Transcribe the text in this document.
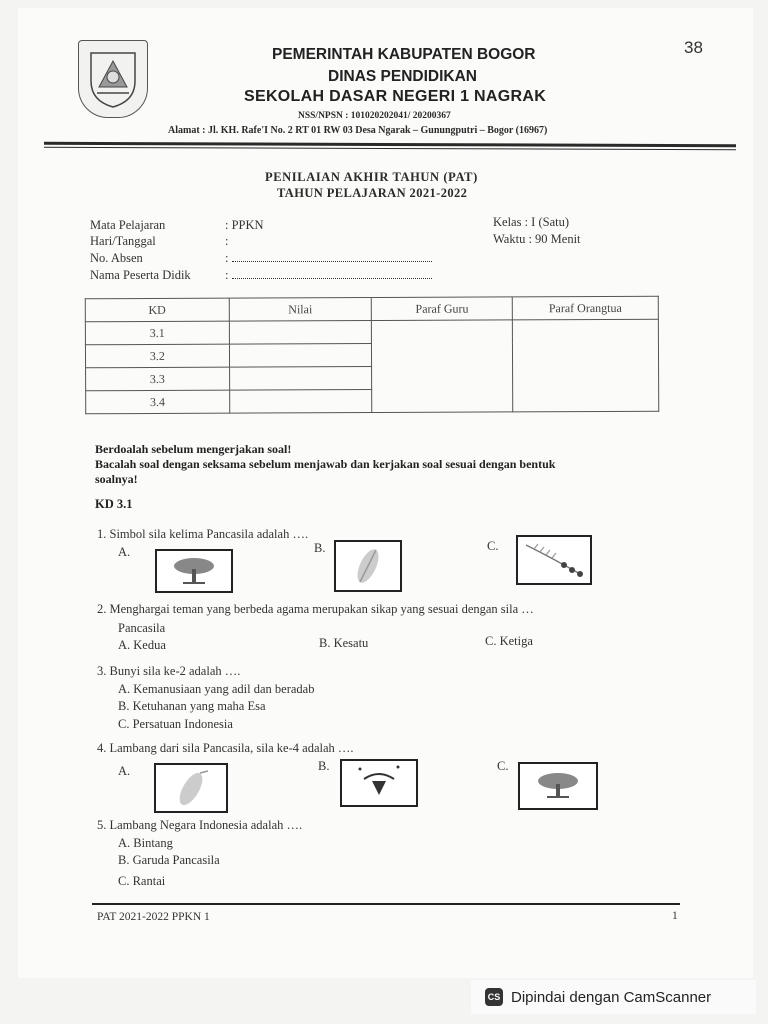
38
PEMERINTAH KABUPATEN BOGOR
DINAS PENDIDIKAN
SEKOLAH DASAR NEGERI 1 NAGRAK
NSS/NPSN : 101020202041/ 20200367
Alamat : Jl. KH. Rafe'I No. 2 RT 01 RW 03 Desa Ngarak – Gunungputri – Bogor (16967)
PENILAIAN AKHIR TAHUN (PAT)
TAHUN PELAJARAN 2021-2022
Mata Pelajaran	: PPKN
Hari/Tanggal	:
No. Absen	:
Nama Peserta Didik	:
Kelas : I (Satu)
Waktu : 90 Menit
KD	Nilai	Paraf Guru	Paraf Orangtua
3.1			
3.2			
3.3			
3.4			
Berdoalah sebelum mengerjakan soal!
Bacalah soal dengan seksama sebelum menjawab dan kerjakan soal sesuai dengan bentuk
soalnya!
KD 3.1
1. Simbol sila kelima Pancasila adalah ….
A.	B.	C.
2. Menghargai teman yang berbeda agama merupakan sikap yang sesuai dengan sila …
Pancasila
A. Kedua	B. Kesatu	C. Ketiga
3. Bunyi sila ke-2 adalah ….
A. Kemanusiaan yang adil dan beradab
B. Ketuhanan yang maha Esa
C. Persatuan Indonesia
4. Lambang dari sila Pancasila, sila ke-4 adalah ….
A.	B.	C.
5. Lambang Negara Indonesia adalah ….
A. Bintang
B. Garuda Pancasila
C. Rantai
PAT 2021-2022 PPKN 1	1
CS Dipindai dengan CamScanner
